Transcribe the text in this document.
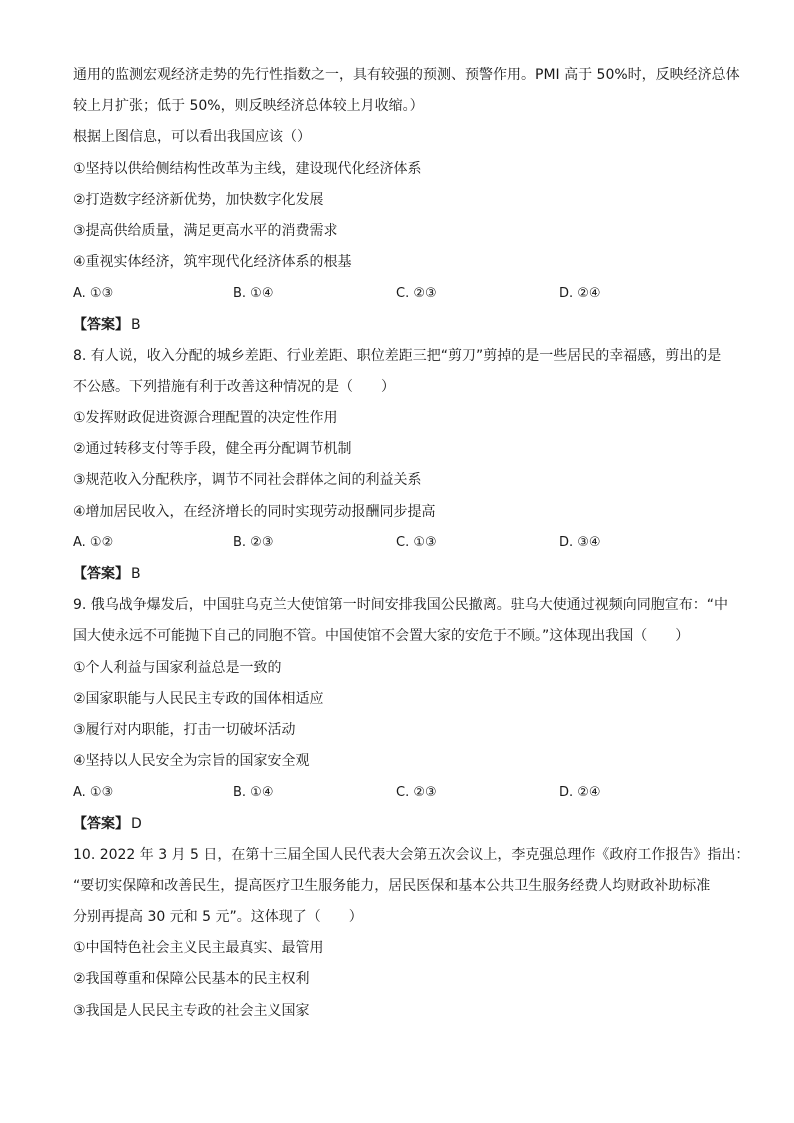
通用的监测宏观经济走势的先行性指数之一，具有较强的预测、预警作用。PMI 高于 50%时，反映经济总体
较上月扩张；低于 50%，则反映经济总体较上月收缩。）
根据上图信息，可以看出我国应该（）
①坚持以供给侧结构性改革为主线，建设现代化经济体系
②打造数字经济新优势，加快数字化发展
③提高供给质量，满足更高水平的消费需求
④重视实体经济，筑牢现代化经济体系的根基
A. ①③	B. ①④	C. ②③	D. ②④
【答案】 B
8. 有人说，收入分配的城乡差距、行业差距、职位差距三把“剪刀”剪掉的是一些居民的幸福感，剪出的是
不公感。下列措施有利于改善这种情况的是（　　）
①发挥财政促进资源合理配置的决定性作用
②通过转移支付等手段，健全再分配调节机制
③规范收入分配秩序，调节不同社会群体之间的利益关系
④增加居民收入，在经济增长的同时实现劳动报酬同步提高
A. ①②	B. ②③	C. ①③	D. ③④
【答案】 B
9. 俄乌战争爆发后，中国驻乌克兰大使馆第一时间安排我国公民撤离。驻乌大使通过视频向同胞宣布：“中
国大使永远不可能抛下自己的同胞不管。中国使馆不会置大家的安危于不顾。”这体现出我国（　　）
①个人利益与国家利益总是一致的
②国家职能与人民民主专政的国体相适应
③履行对内职能，打击一切破坏活动
④坚持以人民安全为宗旨的国家安全观
A. ①③	B. ①④	C. ②③	D. ②④
【答案】 D
10. 2022 年 3 月 5 日，在第十三届全国人民代表大会第五次会议上，李克强总理作《政府工作报告》指出：
“要切实保障和改善民生，提高医疗卫生服务能力，居民医保和基本公共卫生服务经费人均财政补助标准
分别再提高 30 元和 5 元”。这体现了（　　）
①中国特色社会主义民主最真实、最管用
②我国尊重和保障公民基本的民主权利
③我国是人民民主专政的社会主义国家
